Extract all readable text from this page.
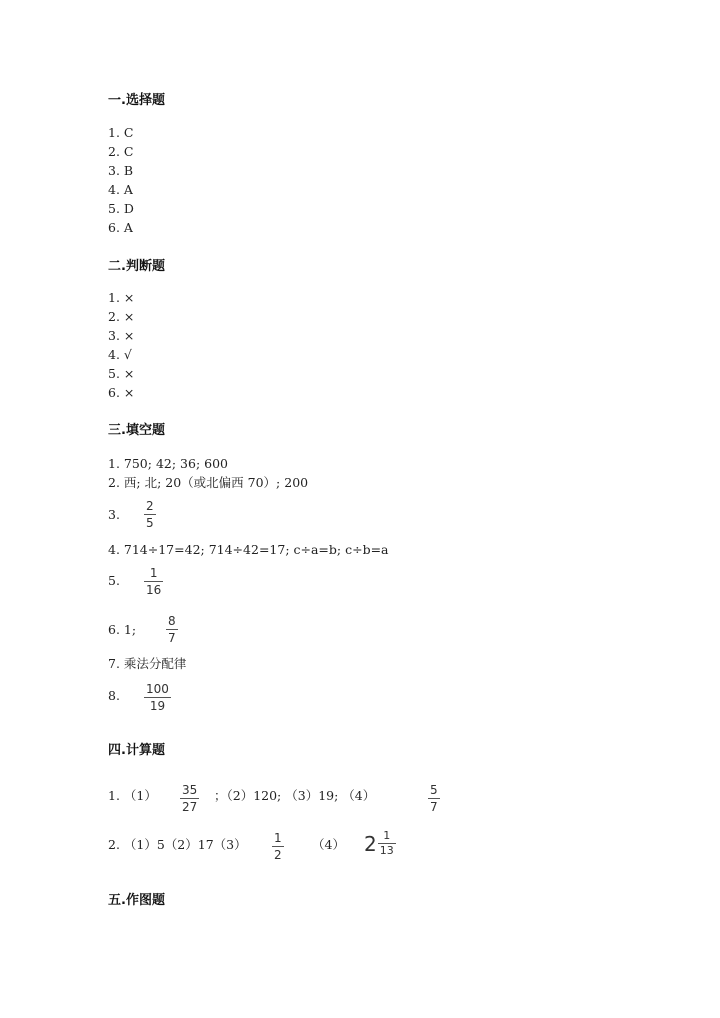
一.选择题
1. C
2. C
3. B
4. A
5. D
6. A
二.判断题
1. ×
2. ×
3. ×
4. √
5. ×
6. ×
三.填空题
1. 750; 42; 36; 600
2. 西; 北; 20（或北偏西 70）; 200
3.
2
5
4. 714÷17=42; 714÷42=17; c÷a=b; c÷b=a
5. 1
16
6. 1;
8
7
7. 乘法分配律
8. 100
19
四.计算题
1. （1） 35
27
；（2）120; （3）19; （4）	5
7
2. （1）5（2）17（3） 1
2
（4） $2 \frac{1}{13}$
五.作图题
